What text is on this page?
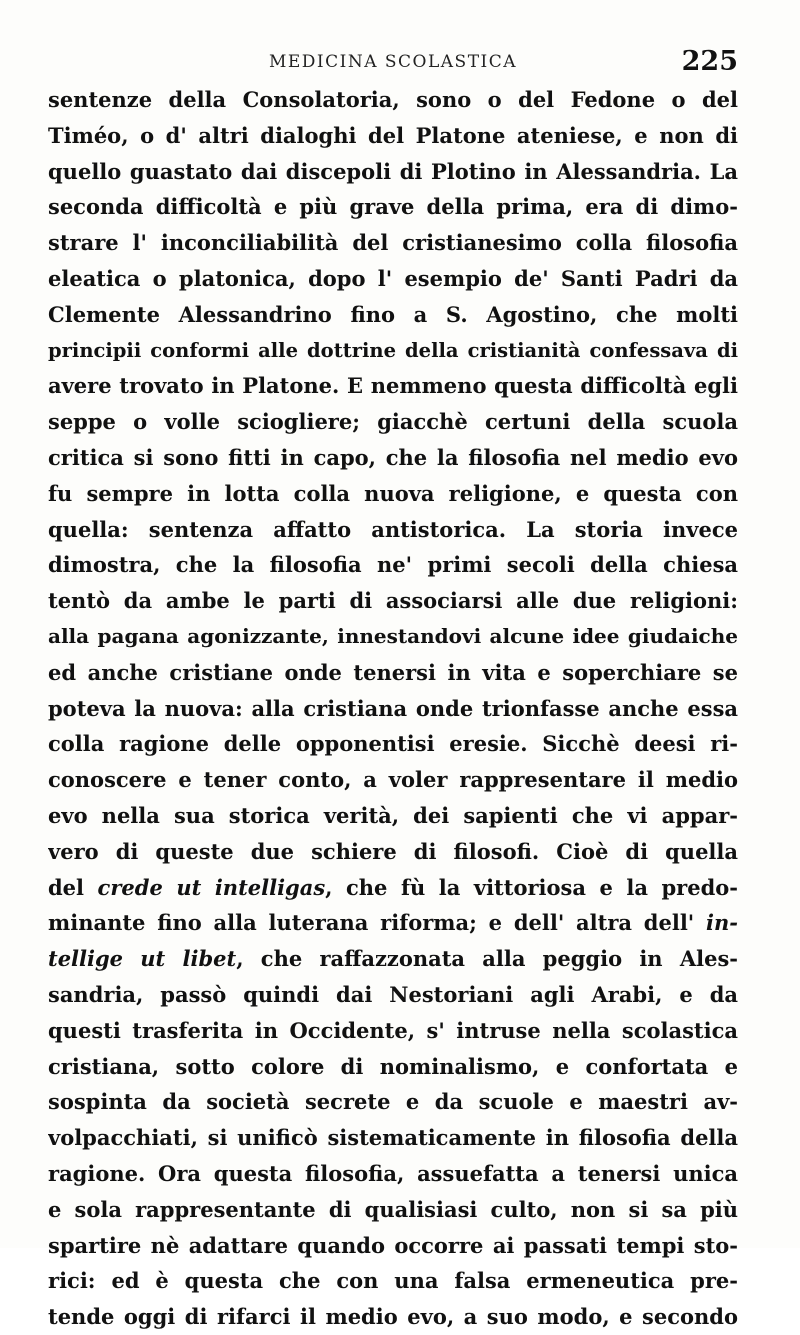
MEDICINA SCOLASTICA	225
sentenze della Consolatoria, sono o del Fedone o del
Timéo, o d' altri dialoghi del Platone ateniese, e non di
quello guastato dai discepoli di Plotino in Alessandria. La
seconda difficoltà e più grave della prima, era di dimo-
strare l' inconciliabilità del cristianesimo colla filosofia
eleatica o platonica, dopo l' esempio de' Santi Padri da
Clemente Alessandrino fino a S. Agostino, che molti
principii conformi alle dottrine della cristianità confessava di
avere trovato in Platone. E nemmeno questa difficoltà egli
seppe o volle sciogliere; giacchè certuni della scuola
critica si sono fitti in capo, che la filosofia nel medio evo
fu sempre in lotta colla nuova religione, e questa con
quella: sentenza affatto antistorica. La storia invece
dimostra, che la filosofia ne' primi secoli della chiesa
tentò da ambe le parti di associarsi alle due religioni:
alla pagana agonizzante, innestandovi alcune idee giudaiche
ed anche cristiane onde tenersi in vita e soperchiare se
poteva la nuova: alla cristiana onde trionfasse anche essa
colla ragione delle opponentisi eresie. Sicchè deesi ri-
conoscere e tener conto, a voler rappresentare il medio
evo nella sua storica verità, dei sapienti che vi appar-
vero di queste due schiere di filosofi. Cioè di quella
del crede ut intelligas, che fù la vittoriosa e la predo-
minante fino alla luterana riforma; e dell' altra dell' in-
tellige ut libet, che raffazzonata alla peggio in Ales-
sandria, passò quindi dai Nestoriani agli Arabi, e da
questi trasferita in Occidente, s' intruse nella scolastica
cristiana, sotto colore di nominalismo, e confortata e
sospinta da società secrete e da scuole e maestri av-
volpacchiati, si unificò sistematicamente in filosofia della
ragione. Ora questa filosofia, assuefatta a tenersi unica
e sola rappresentante di qualisiasi culto, non si sa più
spartire nè adattare quando occorre ai passati tempi sto-
rici: ed è questa che con una falsa ermeneutica pre-
tende oggi di rifarci il medio evo, a suo modo, e secondo
